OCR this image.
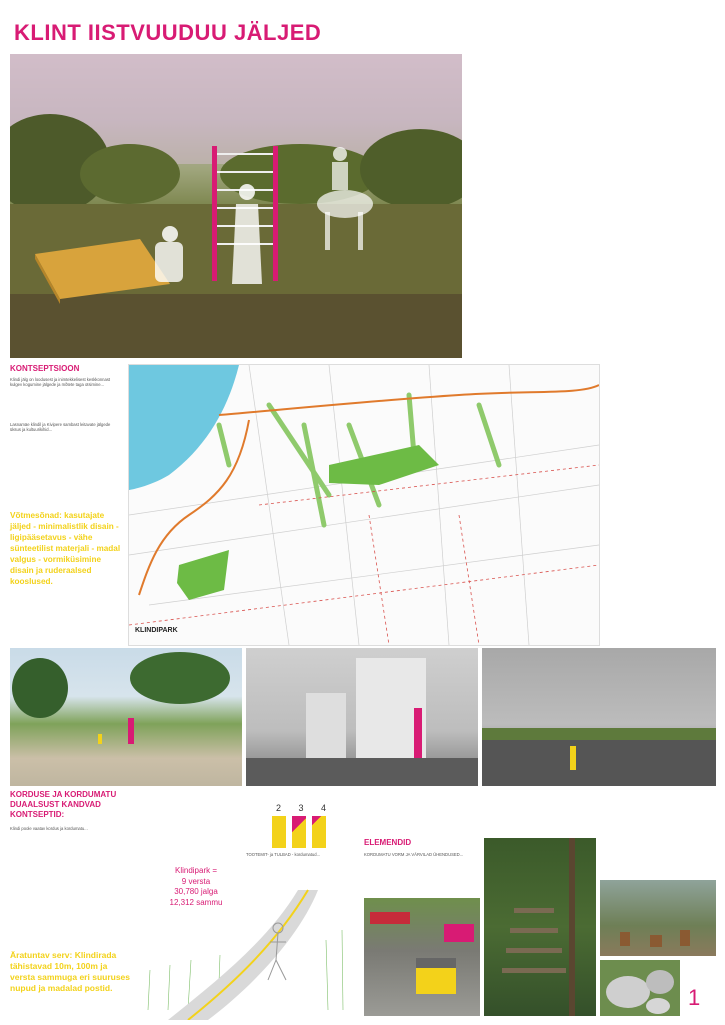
KLINT IISTVUUDUU JÄLJED
KONTSEPTSIOON
Klindi jälg on loodusest ja inimtekkelisest keskkonnast kulgev kogumine jälgede ja mõtete taga otsimine...
Lasnamäe klindil ja Kivipere sambast leitavate jälgede üksus ja kultuurikihid...
Võtmesõnad: kasutajate jäljed - minimalistlik disain - ligipääsetavus - vähe sünteetilist materjali - madal valgus - vormiküsimine disain ja ruderaalsed kooslused.
KLINDIPARK
KORDUSE JA KORDUMATU DUAALSUST KANDVAD KONTSEPTID:
Klindi poole vaatav kordus ja kordumatu...
2 3 4
TOOTEMIT- ja TULBAD - kordumatud...
Klindipark =
9 versta
30,780 jalga
12,312 sammu
Äratuntav serv: Klindirada tähistavad 10m, 100m ja versta sammuga eri suuruses nupud ja madalad postid.
ELEMENDID
KORDUMATU VORM JA VÄRVILAD ÜHENDUSED...
1
